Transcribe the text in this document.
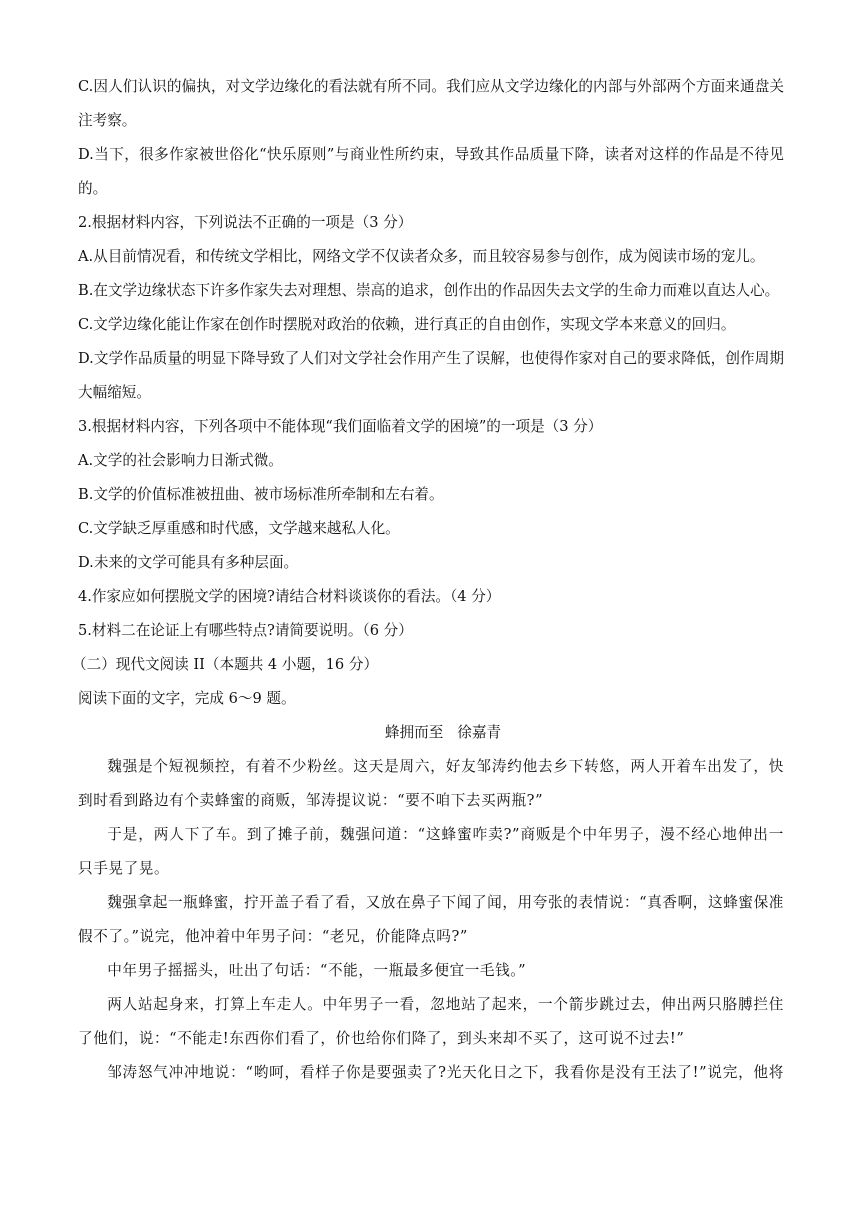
C.因人们认识的偏执，对文学边缘化的看法就有所不同。我们应从文学边缘化的内部与外部两个方面来通盘关注考察。

D.当下，很多作家被世俗化“快乐原则”与商业性所约束，导致其作品质量下降，读者对这样的作品是不待见的。

2.根据材料内容，下列说法不正确的一项是（3 分）

A.从目前情况看，和传统文学相比，网络文学不仅读者众多，而且较容易参与创作，成为阅读市场的宠儿。

B.在文学边缘状态下许多作家失去对理想、崇高的追求，创作出的作品因失去文学的生命力而难以直达人心。

C.文学边缘化能让作家在创作时摆脱对政治的依赖，进行真正的自由创作，实现文学本来意义的回归。

D.文学作品质量的明显下降导致了人们对文学社会作用产生了误解，也使得作家对自己的要求降低，创作周期大幅缩短。

3.根据材料内容，下列各项中不能体现“我们面临着文学的困境”的一项是（3 分）

A.文学的社会影响力日渐式微。

B.文学的价值标准被扭曲、被市场标准所牵制和左右着。

C.文学缺乏厚重感和时代感，文学越来越私人化。

D.未来的文学可能具有多种层面。

4.作家应如何摆脱文学的困境?请结合材料谈谈你的看法。（4 分）

5.材料二在论证上有哪些特点?请简要说明。（6 分）

（二）现代文阅读 II（本题共 4 小题，16 分）

阅读下面的文字，完成 6～9 题。

蜂拥而至 徐嘉青

魏强是个短视频控，有着不少粉丝。这天是周六，好友邹涛约他去乡下转悠，两人开着车出发了，快到时看到路边有个卖蜂蜜的商贩，邹涛提议说：“要不咱下去买两瓶?”

于是，两人下了车。到了摊子前，魏强问道：“这蜂蜜咋卖?”商贩是个中年男子，漫不经心地伸出一只手晃了晃。

魏强拿起一瓶蜂蜜，拧开盖子看了看，又放在鼻子下闻了闻，用夸张的表情说：“真香啊，这蜂蜜保准假不了。”说完，他冲着中年男子问：“老兄，价能降点吗?”

中年男子摇摇头，吐出了句话：“不能，一瓶最多便宜一毛钱。”

两人站起身来，打算上车走人。中年男子一看，忽地站了起来，一个箭步跳过去，伸出两只胳膊拦住了他们，说：“不能走!东西你们看了，价也给你们降了，到头来却不买了，这可说不过去!”

邹涛怒气冲冲地说：“哟呵，看样子你是要强卖了?光天化日之下，我看你是没有王法了!”说完，他将
